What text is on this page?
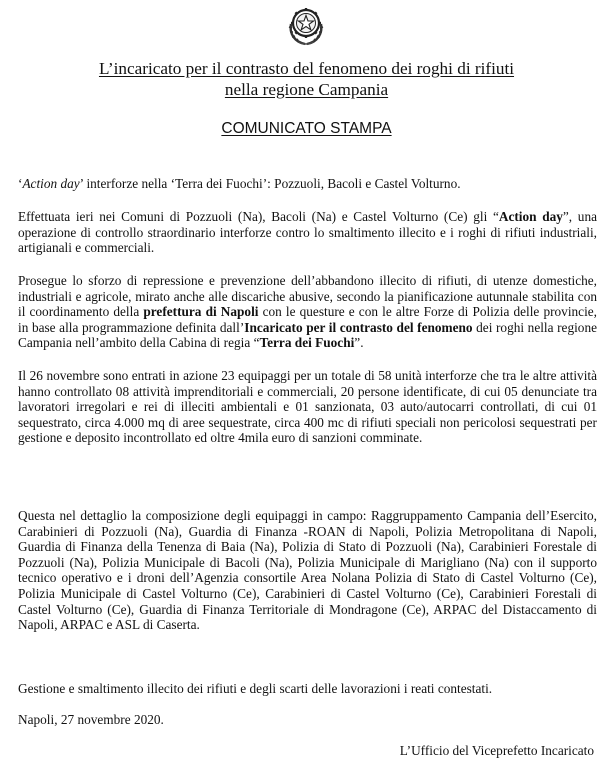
L’incaricato per il contrasto del fenomeno dei roghi di rifiuti
nella regione Campania
COMUNICATO STAMPA

‘Action day’ interforze nella ‘Terra dei Fuochi’: Pozzuoli, Bacoli e Castel Volturno.

Effettuata ieri nei Comuni di Pozzuoli (Na), Bacoli (Na) e Castel Volturno (Ce) gli “Action day”, una operazione di controllo straordinario interforze contro lo smaltimento illecito e i roghi di rifiuti industriali, artigianali e commerciali.

Prosegue lo sforzo di repressione e prevenzione dell’abbandono illecito di rifiuti, di utenze domestiche, industriali e agricole, mirato anche alle discariche abusive, secondo la pianificazione autunnale stabilita con il coordinamento della prefettura di Napoli con le questure e con le altre Forze di Polizia delle provincie, in base alla programmazione definita dall’Incaricato per il contrasto del fenomeno dei roghi nella regione Campania nell’ambito della Cabina di regia “Terra dei Fuochi”.

Il 26 novembre sono entrati in azione 23 equipaggi per un totale di 58 unità interforze che tra le altre attività hanno controllato 08 attività imprenditoriali e commerciali, 20 persone identificate, di cui 05 denunciate tra lavoratori irregolari e rei di illeciti ambientali e 01 sanzionata, 03 auto/autocarri controllati, di cui 01 sequestrato, circa 4.000 mq di aree sequestrate, circa 400 mc di rifiuti speciali non pericolosi sequestrati per gestione e deposito incontrollato ed oltre 4mila euro di sanzioni comminate.

Questa nel dettaglio la composizione degli equipaggi in campo: Raggruppamento Campania dell’Esercito, Carabinieri di Pozzuoli (Na), Guardia di Finanza -ROAN di Napoli, Polizia Metropolitana di Napoli, Guardia di Finanza della Tenenza di Baia (Na), Polizia di Stato di Pozzuoli (Na), Carabinieri Forestale di Pozzuoli (Na), Polizia Municipale di Bacoli (Na), Polizia Municipale di Marigliano (Na) con il supporto tecnico operativo e i droni dell’Agenzia consortile Area Nolana Polizia di Stato di Castel Volturno (Ce), Polizia Municipale di Castel Volturno (Ce), Carabinieri di Castel Volturno (Ce), Carabinieri Forestali di Castel Volturno (Ce), Guardia di Finanza Territoriale di Mondragone (Ce), ARPAC del Distaccamento di Napoli, ARPAC e ASL di Caserta.

Gestione e smaltimento illecito dei rifiuti e degli scarti delle lavorazioni i reati contestati.

Napoli, 27 novembre 2020.

L’Ufficio del Viceprefetto Incaricato
